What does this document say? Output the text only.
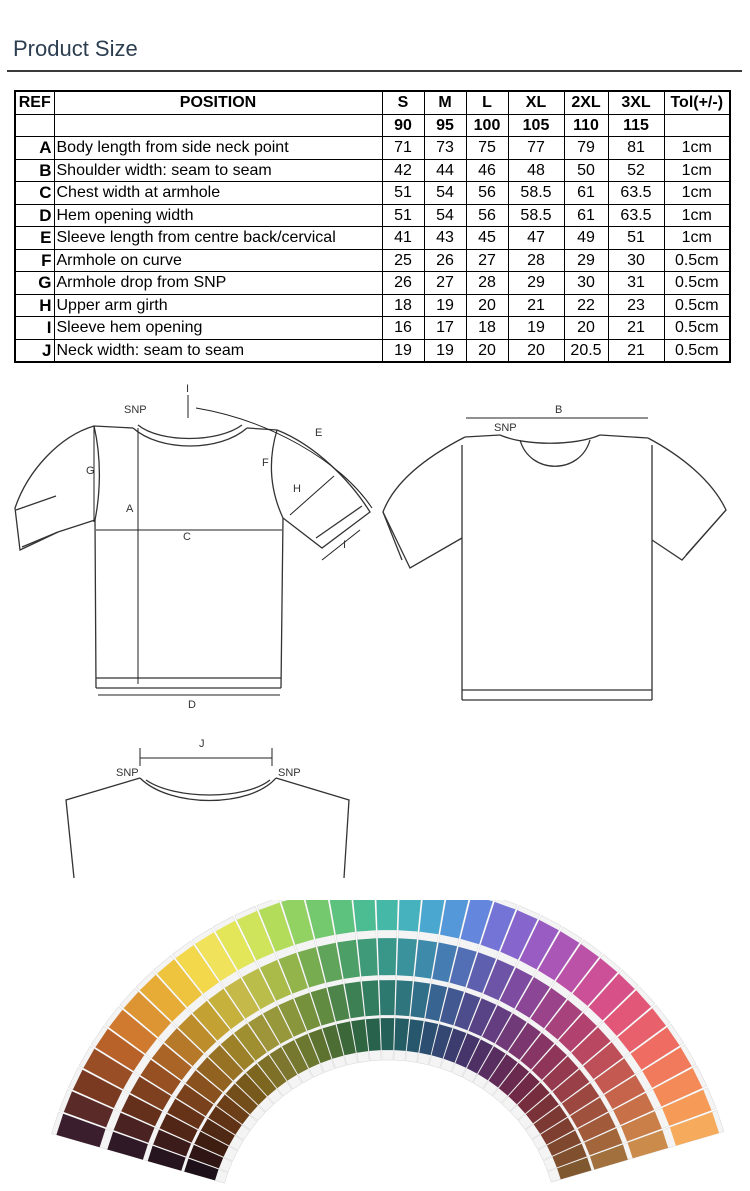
Product Size
REF	POSITION	S	M	L	XL	2XL	3XL	Tol(+/-)
		90	95	100	105	110	115	
A	Body length from side neck point	71	73	75	77	79	81	1cm
B	Shoulder width: seam to seam	42	44	46	48	50	52	1cm
C	Chest width at armhole	51	54	56	58.5	61	63.5	1cm
D	Hem opening width	51	54	56	58.5	61	63.5	1cm
E	Sleeve length from centre back/cervical	41	43	45	47	49	51	1cm
F	Armhole on curve	25	26	27	28	29	30	0.5cm
G	Armhole drop from SNP	26	27	28	29	30	31	0.5cm
H	Upper arm girth	18	19	20	21	22	23	0.5cm
I	Sleeve hem opening	16	17	18	19	20	21	0.5cm
J	Neck width: seam to seam	19	19	20	20	20.5	21	0.5cm
SNP
A
C
D
E
F
G
H
I
I
B
SNP
J
SNP	SNP
